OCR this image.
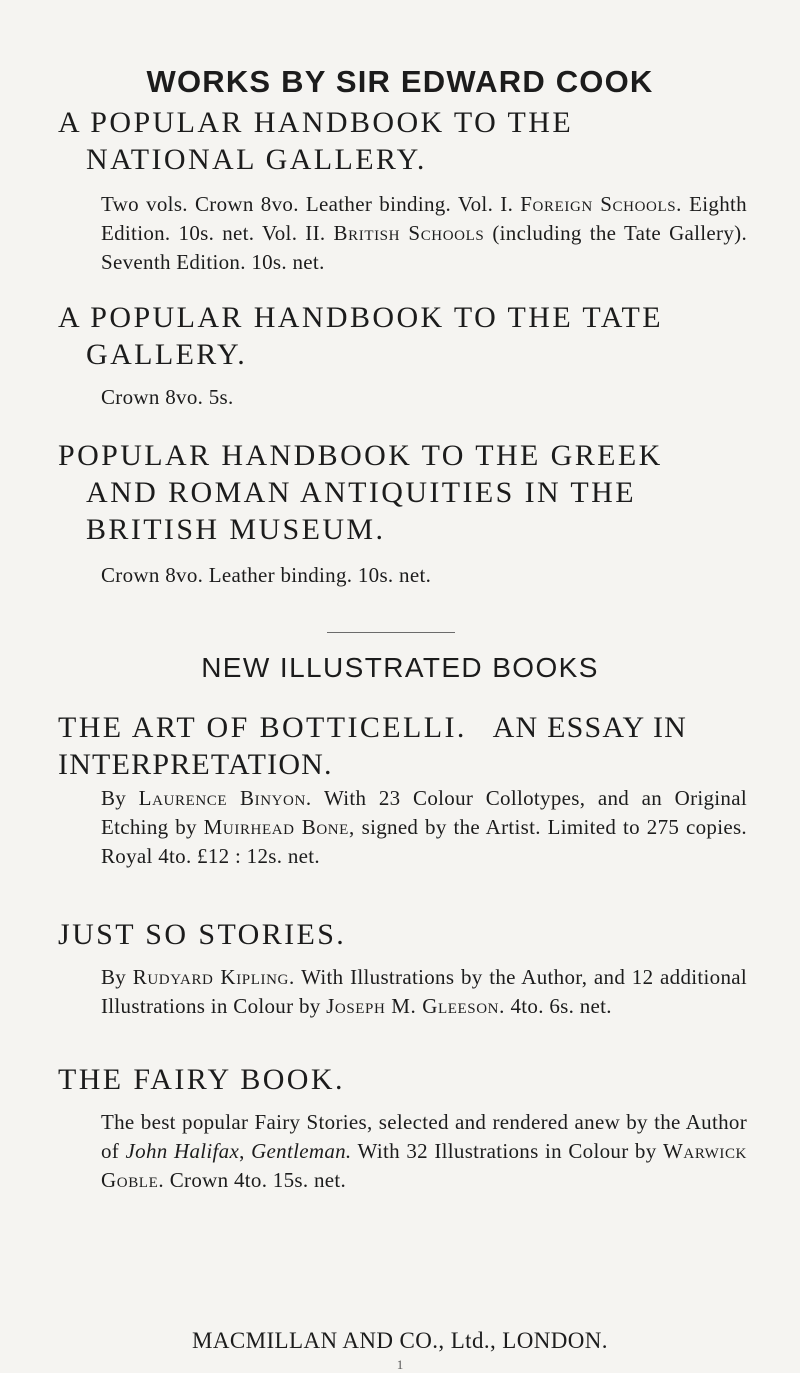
WORKS BY SIR EDWARD COOK
A POPULAR HANDBOOK TO THE
NATIONAL GALLERY.
Two vols. Crown 8vo. Leather binding. Vol. I. Foreign Schools. Eighth Edition. 10s. net. Vol. II. British Schools (including the Tate Gallery). Seventh Edition. 10s. net.
A POPULAR HANDBOOK TO THE TATE
GALLERY.
Crown 8vo. 5s.
POPULAR HANDBOOK TO THE GREEK
AND ROMAN ANTIQUITIES IN THE
BRITISH MUSEUM.
Crown 8vo. Leather binding. 10s. net.
NEW ILLUSTRATED BOOKS
THE ART OF BOTTICELLI. AN ESSAY IN
INTERPRETATION.
By Laurence Binyon. With 23 Colour Collotypes, and an Original Etching by Muirhead Bone, signed by the Artist. Limited to 275 copies. Royal 4to. £12 : 12s. net.
JUST SO STORIES.
By Rudyard Kipling. With Illustrations by the Author, and 12 additional Illustrations in Colour by Joseph M. Gleeson. 4to. 6s. net.
THE FAIRY BOOK.
The best popular Fairy Stories, selected and rendered anew by the Author of John Halifax, Gentleman. With 32 Illustrations in Colour by Warwick Goble. Crown 4to. 15s. net.
MACMILLAN AND CO., Ltd., LONDON.
1
